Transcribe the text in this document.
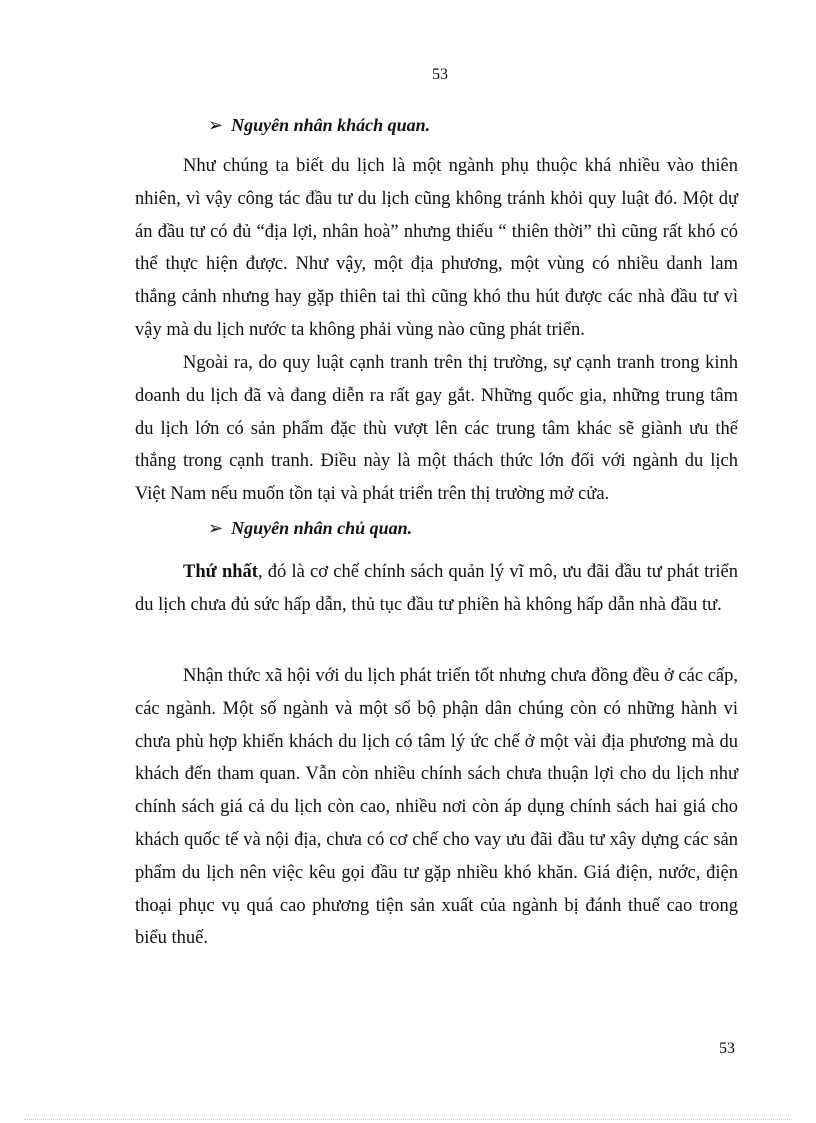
53
➢ Nguyên nhân khách quan.

Như chúng ta biết du lịch là một ngành phụ thuộc khá nhiều vào thiên nhiên, vì vậy công tác đầu tư du lịch cũng không tránh khỏi quy luật đó. Một dự án đầu tư có đủ “địa lợi, nhân hoà” nhưng thiếu “ thiên thời” thì cũng rất khó có thể thực hiện được. Như vậy, một địa phương, một vùng có nhiều danh lam thắng cảnh nhưng hay gặp thiên tai thì cũng khó thu hút được các nhà đầu tư vì vậy mà du lịch nước ta không phải vùng nào cũng phát triển.

Ngoài ra, do quy luật cạnh tranh trên thị trường, sự cạnh tranh trong kinh doanh du lịch đã và đang diễn ra rất gay gắt. Những quốc gia, những trung tâm du lịch lớn có sản phẩm đặc thù vượt lên các trung tâm khác sẽ giành ưu thế thắng trong cạnh tranh. Điều này là một thách thức lớn đối với ngành du lịch Việt Nam nếu muốn tồn tại và phát triển trên thị trường mở cửa.

➢ Nguyên nhân chủ quan.

Thứ nhất, đó là cơ chế chính sách quản lý vĩ mô, ưu đãi đầu tư phát triển du lịch chưa đủ sức hấp dẫn, thủ tục đầu tư phiền hà không hấp dẫn nhà đầu tư.

Nhận thức xã hội với du lịch phát triển tốt nhưng chưa đồng đều ở các cấp, các ngành. Một số ngành và một số bộ phận dân chúng còn có những hành vi chưa phù hợp khiến khách du lịch có tâm lý ức chế ở một vài địa phương mà du khách đến tham quan. Vẫn còn nhiều chính sách chưa thuận lợi cho du lịch như chính sách giá cả du lịch còn cao, nhiều nơi còn áp dụng chính sách hai giá cho khách quốc tế và nội địa, chưa có cơ chế cho vay ưu đãi đầu tư xây dựng các sản phẩm du lịch nên việc kêu gọi đầu tư gặp nhiều khó khăn. Giá điện, nước, điện thoại phục vụ quá cao phương tiện sản xuất của ngành bị đánh thuế cao trong biểu thuế.

53
